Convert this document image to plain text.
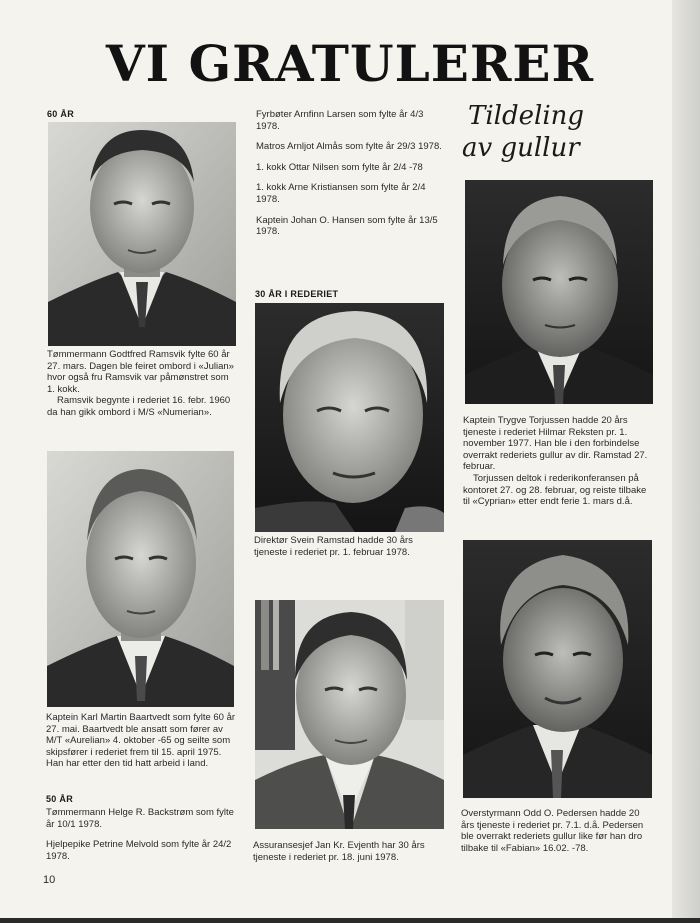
VI GRATULERER
60 ÅR

Tømmermann Godtfred Ramsvik fylte 60 år 27. mars. Dagen ble feiret ombord i «Julian» hvor også fru Ramsvik var påmønstret som 1. kokk.

Ramsvik begynte i rederiet 16. febr. 1960 da han gikk ombord i M/S «Numerian».

Kaptein Karl Martin Baartvedt som fylte 60 år 27. mai. Baartvedt ble ansatt som fører av M/T «Aurelian» 4. oktober -65 og seilte som skipsfører i rederiet frem til 15. april 1975. Han har etter den tid hatt arbeid i land.
50 ÅR

Tømmermann Helge R. Backstrøm som fylte år 10/1 1978.

Hjelpepike Petrine Melvold som fylte år 24/2 1978.

10

Fyrbøter Arnfinn Larsen som fylte år 4/3 1978.

Matros Arnljot Almås som fylte år 29/3 1978.

1. kokk Ottar Nilsen som fylte år 2/4 -78

1. kokk Arne Kristiansen som fylte år 2/4 1978.

Kaptein Johan O. Hansen som fylte år 13/5 1978.

30 ÅR I REDERIET
Direktør Svein Ramstad hadde 30 års tjeneste i rederiet pr. 1. februar 1978.
Assuransesjef Jan Kr. Evjenth har 30 års tjeneste i rederiet pr. 18. juni 1978.
Tildeling
av gullur

Kaptein Trygve Torjussen hadde 20 års tjeneste i rederiet Hilmar Reksten pr. 1. november 1977. Han ble i den forbindelse overrakt rederiets gullur av dir. Ramstad 27. februar.

Torjussen deltok i rederikonferansen på kontoret 27. og 28. februar, og reiste tilbake til «Cyprian» etter endt ferie 1. mars d.å.

Overstyrmann Odd O. Pedersen hadde 20 års tjeneste i rederiet pr. 7.1. d.å. Pedersen ble overrakt rederiets gullur like før han dro tilbake til «Fabian» 16.02. -78.
